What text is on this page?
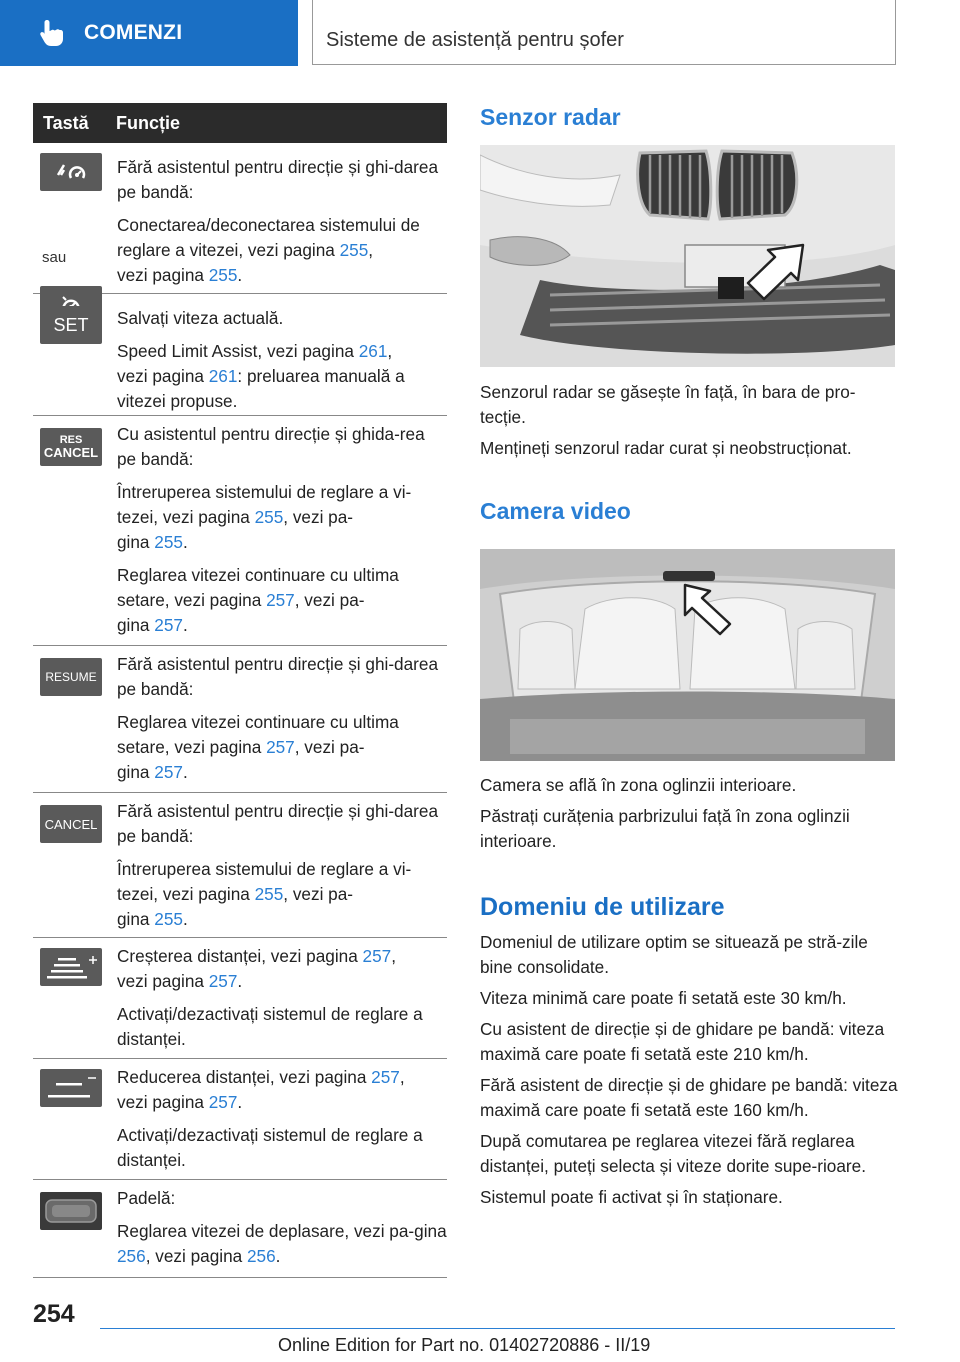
COMENZI	Sisteme de asistență pentru șofer
Tastă	Funcție
sau

Fără asistentul pentru direcție și ghi-darea pe bandă:

Conectarea/deconectarea sistemului de reglare a vitezei, vezi pagina 255,
vezi pagina 255.

SET Salvați viteza actuală.

Speed Limit Assist, vezi pagina 261,
vezi pagina 261: preluarea manuală a vitezei propuse.

RES
CANCEL

Cu asistentul pentru direcție și ghida-rea pe bandă:

Întreruperea sistemului de reglare a vi-tezei, vezi pagina 255, vezi pa-
gina 255.

Reglarea vitezei continuare cu ultima setare, vezi pagina 257, vezi pa-
gina 257.

RESUME

Fără asistentul pentru direcție și ghi-darea pe bandă:

Reglarea vitezei continuare cu ultima setare, vezi pagina 257, vezi pa-
gina 257.

CANCEL

Fără asistentul pentru direcție și ghi-darea pe bandă:

Întreruperea sistemului de reglare a vi-tezei, vezi pagina 255, vezi pa-
gina 255.

Creșterea distanței, vezi pagina 257,
vezi pagina 257.

Activați/dezactivați sistemul de reglare a distanței.

Reducerea distanței, vezi pagina 257,
vezi pagina 257.

Activați/dezactivați sistemul de reglare a distanței.

Padelă:

Reglarea vitezei de deplasare, vezi pa-gina 256, vezi pagina 256.

Senzor radar

Senzorul radar se găsește în față, în bara de pro-tecție.

Mențineți senzorul radar curat și neobstrucționat.

Camera video

Camera se află în zona oglinzii interioare.

Păstrați curățenia parbrizului față în zona oglinzii interioare.

Domeniu de utilizare

Domeniul de utilizare optim se situează pe stră-zile bine consolidate.

Viteza minimă care poate fi setată este 30 km/h.

Cu asistent de direcție și de ghidare pe bandă: viteza maximă care poate fi setată este 210 km/h.

Fără asistent de direcție și de ghidare pe bandă: viteza maximă care poate fi setată este 160 km/h.

După comutarea pe reglarea vitezei fără reglarea distanței, puteți selecta și viteze dorite supe-rioare.

Sistemul poate fi activat și în staționare.

254
Online Edition for Part no. 01402720886 - II/19
